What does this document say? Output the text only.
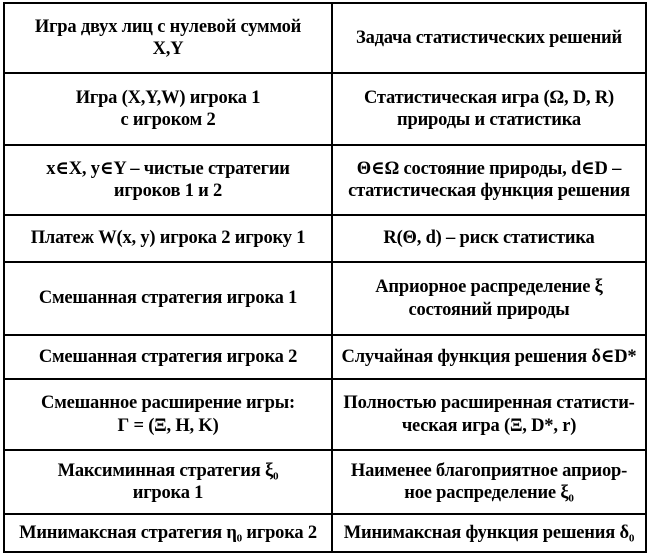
Игра двух лиц с нулевой суммой
X,Y	Задача статистических решений

Игра (X,Y,W) игрока 1
с игроком 2	Статистическая игра (Ω, D, R)
природы и статистика

x∈X, y∈Y – чистые стратегии
игроков 1 и 2	Θ∈Ω состояние природы, d∈D –
статистическая функция решения

Платеж W(x, y) игрока 2 игроку 1	R(Θ, d) – риск статистика

Смешанная стратегия игрока 1	Априорное распределение ξ
состояний природы

Смешанная стратегия игрока 2	Случайная функция решения δ∈D*

Смешанное расширение игры:
Г = (Ξ, H, K)	Полностью расширенная статисти-
ческая игра (Ξ, D*, r)

Максиминная стратегия ξ₀
игрока 1	Наименее благоприятное априор-
ное распределение ξ₀

Минимаксная стратегия η₀ игрока 2	Минимаксная функция решения δ₀
